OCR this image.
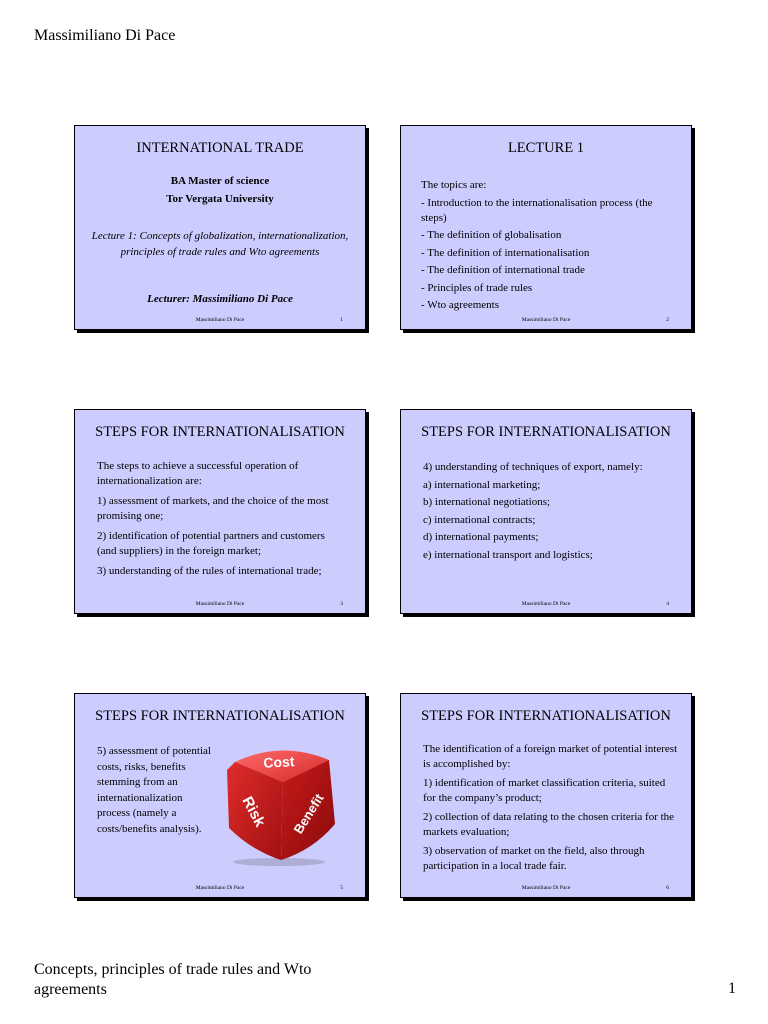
Massimiliano Di Pace
INTERNATIONAL TRADE
BA Master of science
Tor Vergata University
Lecture 1: Concepts of globalization, internationalization, principles of trade rules and Wto agreements
Lecturer: Massimiliano Di Pace
Massimiliano Di Pace	1
LECTURE 1
The topics are:
- Introduction to the internationalisation process (the steps)
- The definition of globalisation
- The definition of internationalisation
- The definition of international trade
- Principles of trade rules
- Wto agreements
Massimiliano Di Pace	2
STEPS FOR INTERNATIONALISATION
The steps to achieve a successful operation of internationalization are:
1) assessment of markets, and the choice of the most promising one;
2) identification of potential partners and customers (and suppliers) in the foreign market;
3) understanding of the rules of international trade;
Massimiliano Di Pace	3
STEPS FOR INTERNATIONALISATION
4) understanding of techniques of export, namely:
a) international marketing;
b) international negotiations;
c) international contracts;
d) international payments;
e) international transport and logistics;
Massimiliano Di Pace	4
STEPS FOR INTERNATIONALISATION
5) assessment of potential costs, risks, benefits stemming from an internationalization process (namely a costs/benefits analysis).
Cost
Risk Benefit
Massimiliano Di Pace	5
STEPS FOR INTERNATIONALISATION
The identification of a foreign market of potential interest is accomplished by:
1) identification of market classification criteria, suited for the company’s product;
2) collection of data relating to the chosen criteria for the markets evaluation;
3) observation of market on the field, also through participation in a local trade fair.
Massimiliano Di Pace	6
Concepts, principles of trade rules and Wto agreements	1
